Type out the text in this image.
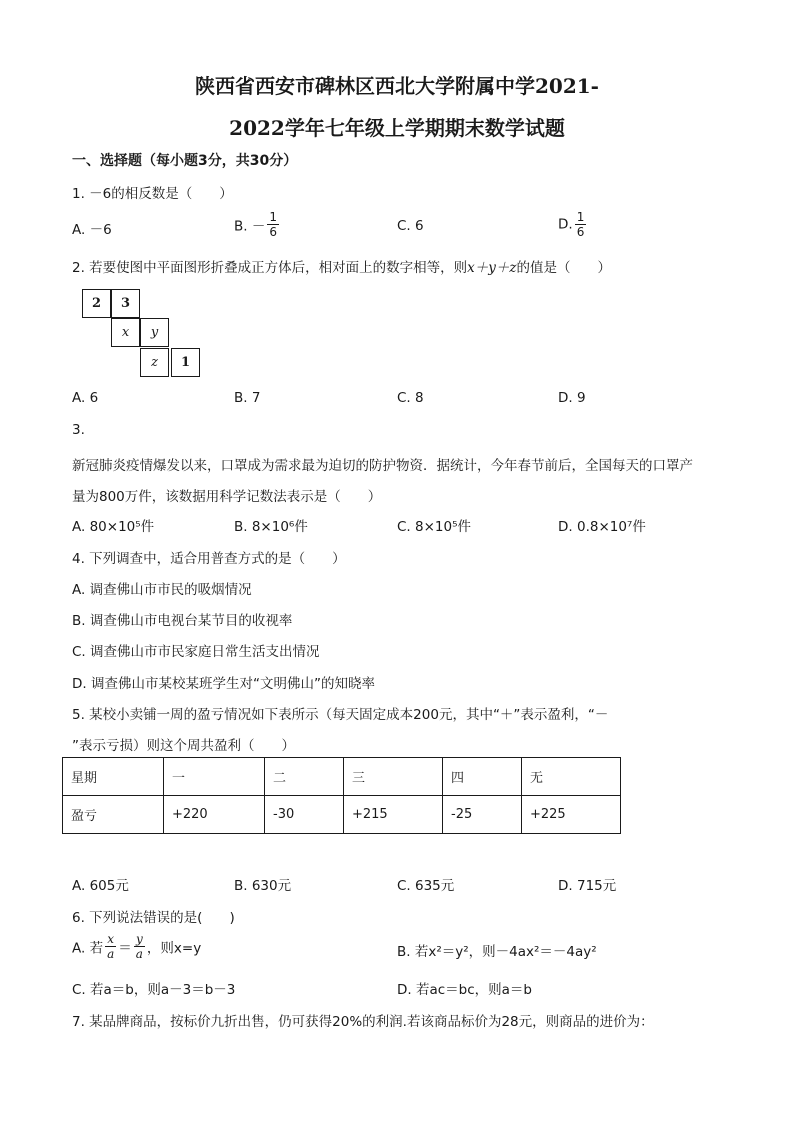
陕西省西安市碑林区西北大学附属中学2021-
2022学年七年级上学期期末数学试题
一、选择题（每小题3分，共30分）
1. －6的相反数是（　　）
A. －6	B. － $\frac{1}{6}$	C. 6	D. $\frac{1}{6}$
2. 若要使图中平面图形折叠成正方体后，相对面上的数字相等，则x＋y＋z的值是（　　）
2	3
x	y
z	1
A. 6	B. 7	C. 8	D. 9
3.
新冠肺炎疫情爆发以来，口罩成为需求最为迫切的防护物资．据统计，今年春节前后，全国每天的口罩产
量为800万件，该数据用科学记数法表示是（　　）
A. 80×10⁵件	B. 8×10⁶件	C. 8×10⁵件	D. 0.8×10⁷件
4. 下列调查中，适合用普查方式的是（　　）
A. 调查佛山市市民的吸烟情况
B. 调查佛山市电视台某节目的收视率
C. 调查佛山市市民家庭日常生活支出情况
D. 调查佛山市某校某班学生对“文明佛山”的知晓率
5. 某校小卖铺一周的盈亏情况如下表所示（每天固定成本200元，其中“＋”表示盈利，“－
”表示亏损）则这个周共盈利（　　）
星期	一	二	三	四	无
盈亏	+220	-30	+215	-25	+225
A. 605元	B. 630元	C. 635元	D. 715元
6. 下列说法错误的是(　　)
A. 若 $\frac{x}{a} = \frac{y}{a}$ ，则x=y	B. 若x²＝y²，则－4ax²＝－4ay²
C. 若a＝b，则a－3＝b－3	D. 若ac＝bc，则a＝b
7. 某品牌商品，按标价九折出售，仍可获得20%的利润.若该商品标价为28元，则商品的进价为：
